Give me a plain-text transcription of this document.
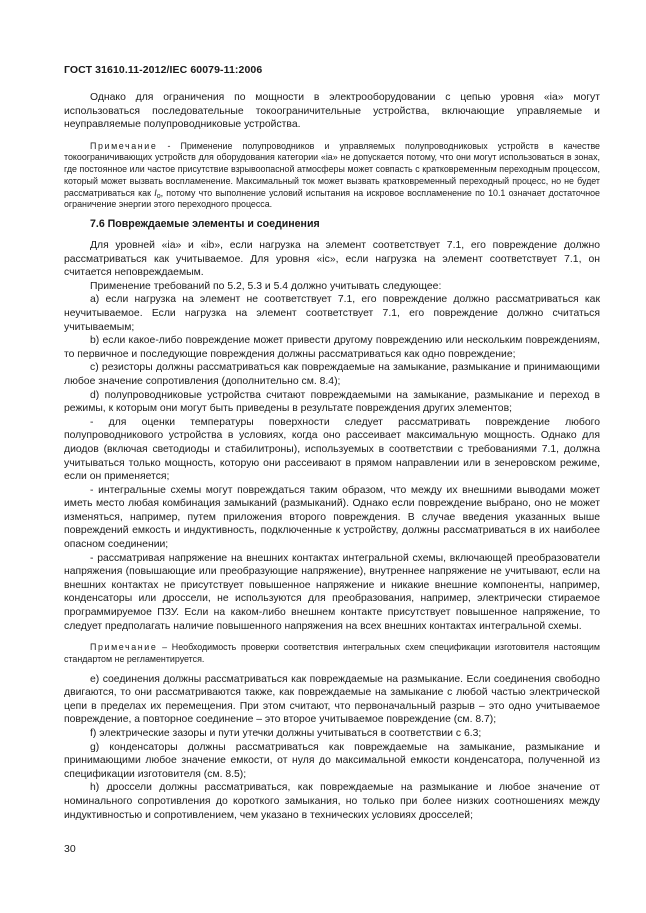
ГОСТ 31610.11-2012/IEC 60079-11:2006

Однако для ограничения по мощности в электрооборудовании с цепью уровня «ia» могут использоваться последовательные токоограничительные устройства, включающие управляемые и неуправляемые полупроводниковые устройства.

Примечание - Применение полупроводников и управляемых полупроводниковых устройств в качестве токоограничивающих устройств для оборудования категории «ia» не допускается потому, что они могут использоваться в зонах, где постоянное или частое присутствие взрывоопасной атмосферы может совпасть с кратковременным переходным процессом, который может вызвать воспламенение. Максимальный ток может вызвать кратковременный переходный процесс, но не будет рассматриваться как $I_o$, потому что выполнение условий испытания на искровое воспламенение по 10.1 означает достаточное ограничение энергии этого переходного процесса.

7.6 Повреждаемые элементы и соединения

Для уровней «ia» и «ib», если нагрузка на элемент соответствует 7.1, его повреждение должно рассматриваться как учитываемое. Для уровня «ic», если нагрузка на элемент соответствует 7.1, он считается неповреждаемым.

Применение требований по 5.2, 5.3 и 5.4 должно учитывать следующее:

а) если нагрузка на элемент не соответствует 7.1, его повреждение должно рассматриваться как неучитываемое. Если нагрузка на элемент соответствует 7.1, его повреждение должно считаться учитываемым;

b) если какое-либо повреждение может привести другому повреждению или нескольким повреждениям, то первичное и последующие повреждения должны рассматриваться как одно повреждение;

с) резисторы должны рассматриваться как повреждаемые на замыкание, размыкание и принимающими любое значение сопротивления (дополнительно см. 8.4);

d) полупроводниковые устройства считают повреждаемыми на замыкание, размыкание и переход в режимы, к которым они могут быть приведены в результате повреждения других элементов;

- для оценки температуры поверхности следует рассматривать повреждение любого полупроводникового устройства в условиях, когда оно рассеивает максимальную мощность. Однако для диодов (включая светодиоды и стабилитроны), используемых в соответствии с требованиями 7.1, должна учитываться только мощность, которую они рассеивают в прямом направлении или в зенеровском режиме, если он применяется;

- интегральные схемы могут повреждаться таким образом, что между их внешними выводами может иметь место любая комбинация замыканий (размыканий). Однако если повреждение выбрано, оно не может изменяться, например, путем приложения второго повреждения. В случае введения указанных выше повреждений емкость и индуктивность, подключенные к устройству, должны рассматриваться в их наиболее опасном соединении;

- рассматривая напряжение на внешних контактах интегральной схемы, включающей преобразователи напряжения (повышающие или преобразующие напряжение), внутреннее напряжение не учитывают, если на внешних контактах не присутствует повышенное напряжение и никакие внешние компоненты, например, конденсаторы или дроссели, не используются для преобразования, например, электрически стираемое программируемое ПЗУ. Если на каком-либо внешнем контакте присутствует повышенное напряжение, то следует предполагать наличие повышенного напряжения на всех внешних контактах интегральной схемы.

Примечание – Необходимость проверки соответствия интегральных схем спецификации изготовителя настоящим стандартом не регламентируется.

е) соединения должны рассматриваться как повреждаемые на размыкание. Если соединения свободно двигаются, то они рассматриваются также, как повреждаемые на замыкание с любой частью электрической цепи в пределах их перемещения. При этом считают, что первоначальный разрыв – это одно учитываемое повреждение, а повторное соединение – это второе учитываемое повреждение (см. 8.7);

f) электрические зазоры и пути утечки должны учитываться в соответствии с 6.3;

g) конденсаторы должны рассматриваться как повреждаемые на замыкание, размыкание и принимающими любое значение емкости, от нуля до максимальной емкости конденсатора, полученной из спецификации изготовителя (см. 8.5);

h) дроссели должны рассматриваться, как повреждаемые на размыкание и любое значение от номинального сопротивления до короткого замыкания, но только при более низких соотношениях между индуктивностью и сопротивлением, чем указано в технических условиях дросселей;

30
